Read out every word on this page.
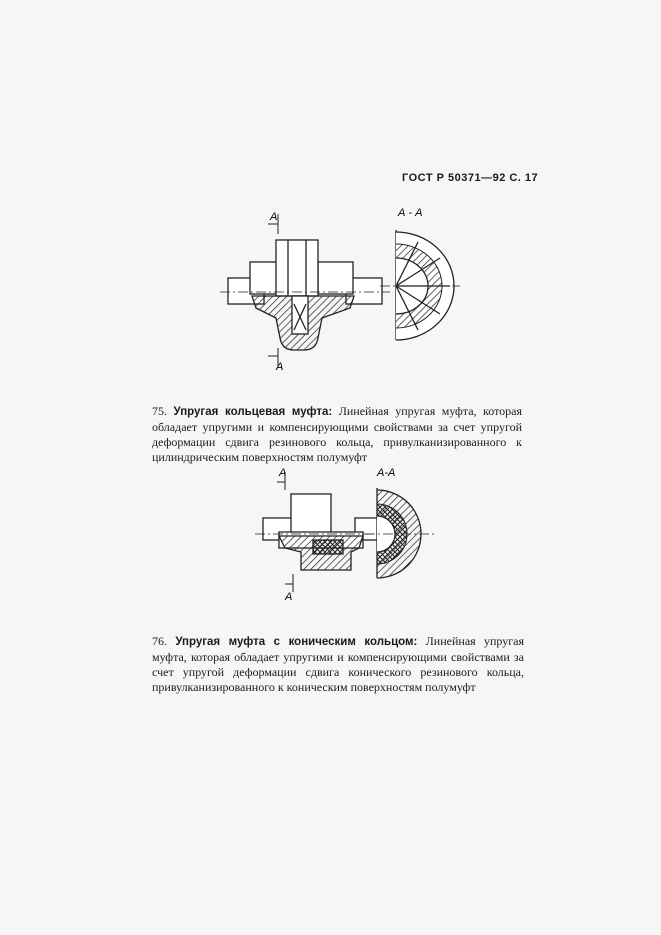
ГОСТ Р 50371—92 С. 17
А
А
А - А
75. Упругая кольцевая муфта: Линейная упругая муфта, которая обладает упругими и компенсирующими свойствами за счет упругой деформации сдвига резинового кольца, привулканизированного к цилиндрическим поверхностям полумуфт
А
А
А-А
76. Упругая муфта с коническим кольцом: Линейная упругая муфта, которая обладает упругими и компенсирующими свойствами за счет упругой деформации сдвига конического резинового кольца, привулканизированного к коническим поверхностям полумуфт
